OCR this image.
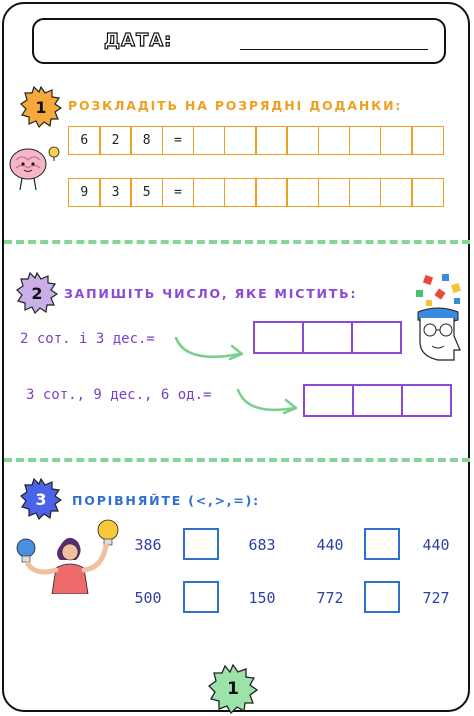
ДАТА:
1	РОЗКЛАДІТЬ НА РОЗРЯДНІ ДОДАНКИ:
6	2	8	=
9	3	5	=
2	ЗАПИШІТЬ ЧИСЛО, ЯКЕ МІСТИТЬ:
2 сот. і 3 дес.=
3 сот., 9 дес., 6 од.=
3	ПОРІВНЯЙТЕ (<,>,=):
386	683	440	440
500	150	772	727
1
